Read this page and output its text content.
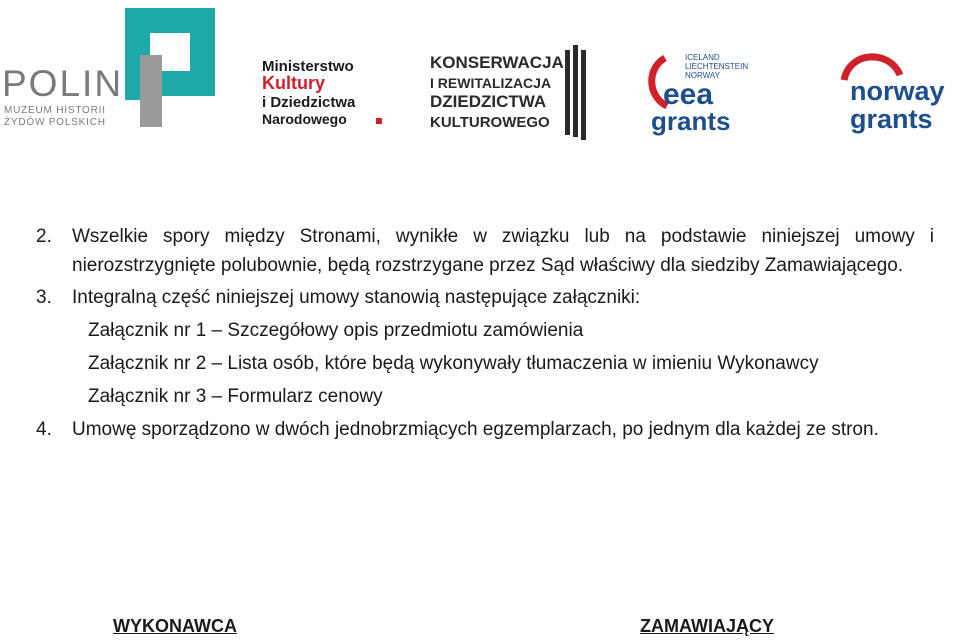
POLIN
MUZEUM HISTORII
ŻYDÓW POLSKICH
Ministerstwo
Kultury
i Dziedzictwa
Narodowego
KONSERWACJA
I REWITALIZACJA
DZIEDZICTWA
KULTUROWEGO
ICELAND
LIECHTENSTEIN
NORWAY
eea
grants
norway
grants
2.	Wszelkie spory między Stronami, wynikłe w związku lub na podstawie niniejszej umowy i nierozstrzygnięte polubownie, będą rozstrzygane przez Sąd właściwy dla siedziby Zamawiającego.
3.	Integralną część niniejszej umowy stanowią następujące załączniki:
Załącznik nr 1 – Szczegółowy opis przedmiotu zamówienia
Załącznik nr 2 – Lista osób, które będą wykonywały tłumaczenia w imieniu Wykonawcy
Załącznik nr 3 – Formularz cenowy
4.	Umowę sporządzono w dwóch jednobrzmiących egzemplarzach, po jednym dla każdej ze stron.
WYKONAWCA	ZAMAWIAJĄCY
